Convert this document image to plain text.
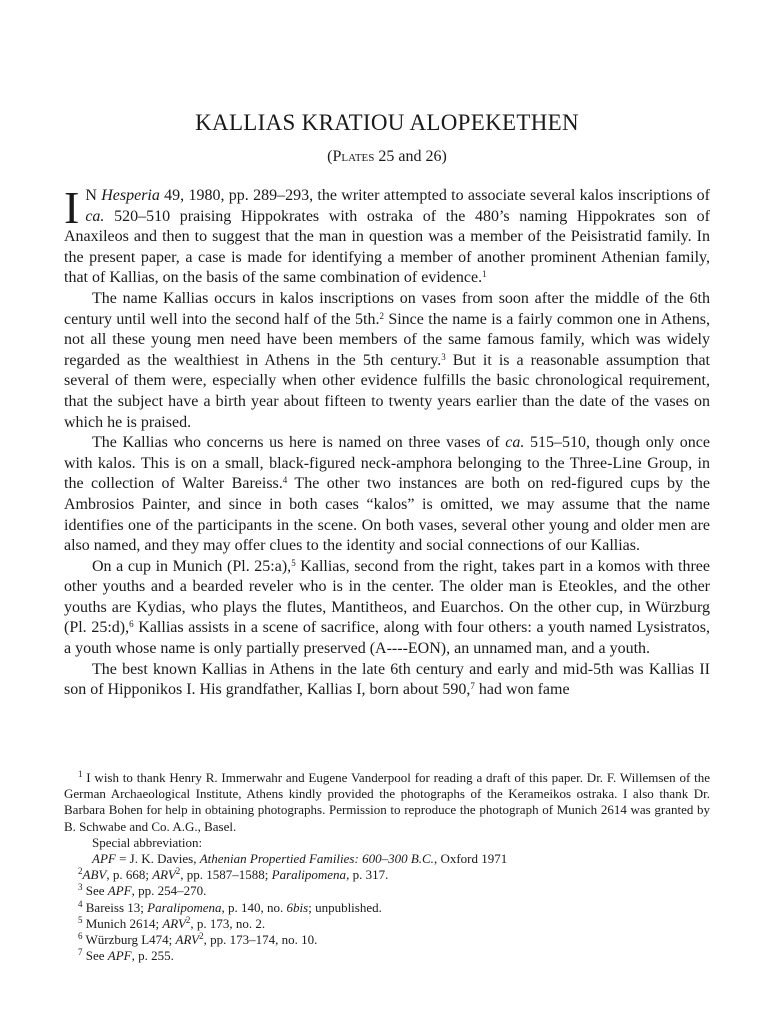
KALLIAS KRATIOU ALOPEKETHEN
(Plates 25 and 26)

I N Hesperia 49, 1980, pp. 289–293, the writer attempted to associate several kalos inscriptions of ca. 520–510 praising Hippokrates with ostraka of the 480’s naming Hippokrates son of Anaxileos and then to suggest that the man in question was a member of the Peisistratid family. In the present paper, a case is made for identifying a member of another prominent Athenian family, that of Kallias, on the basis of the same combination of evidence.$^1$

The name Kallias occurs in kalos inscriptions on vases from soon after the middle of the 6th century until well into the second half of the 5th.$^2$ Since the name is a fairly common one in Athens, not all these young men need have been members of the same famous family, which was widely regarded as the wealthiest in Athens in the 5th century.$^3$ But it is a reasonable assumption that several of them were, especially when other evidence fulfills the basic chronological requirement, that the subject have a birth year about fifteen to twenty years earlier than the date of the vases on which he is praised.

The Kallias who concerns us here is named on three vases of ca. 515–510, though only once with kalos. This is on a small, black-figured neck-amphora belonging to the Three-Line Group, in the collection of Walter Bareiss.$^4$ The other two instances are both on red-figured cups by the Ambrosios Painter, and since in both cases “kalos” is omitted, we may assume that the name identifies one of the participants in the scene. On both vases, several other young and older men are also named, and they may offer clues to the identity and social connections of our Kallias.

On a cup in Munich (Pl. 25:a),$^5$ Kallias, second from the right, takes part in a komos with three other youths and a bearded reveler who is in the center. The older man is Eteokles, and the other youths are Kydias, who plays the flutes, Mantitheos, and Euarchos. On the other cup, in Würzburg (Pl. 25:d),$^6$ Kallias assists in a scene of sacrifice, along with four others: a youth named Lysistratos, a youth whose name is only partially preserved (A----EON), an unnamed man, and a youth.

The best known Kallias in Athens in the late 6th century and early and mid-5th was Kallias II son of Hipponikos I. His grandfather, Kallias I, born about 590,$^7$ had won fame

$^1$ I wish to thank Henry R. Immerwahr and Eugene Vanderpool for reading a draft of this paper. Dr. F. Willemsen of the German Archaeological Institute, Athens kindly provided the photographs of the Kerameikos ostraka. I also thank Dr. Barbara Bohen for help in obtaining photographs. Permission to reproduce the photograph of Munich 2614 was granted by B. Schwabe and Co. A.G., Basel.

Special abbreviation:

APF = J. K. Davies, Athenian Propertied Families: 600–300 B.C., Oxford 1971

$^2$ABV, p. 668; ARV$^2$, pp. 1587–1588; Paralipomena, p. 317.

$^3$ See APF, pp. 254–270.

$^4$ Bareiss 13; Paralipomena, p. 140, no. 6bis; unpublished.

$^5$ Munich 2614; ARV$^2$, p. 173, no. 2.

$^6$ Würzburg L474; ARV$^2$, pp. 173–174, no. 10.

$^7$ See APF, p. 255.
